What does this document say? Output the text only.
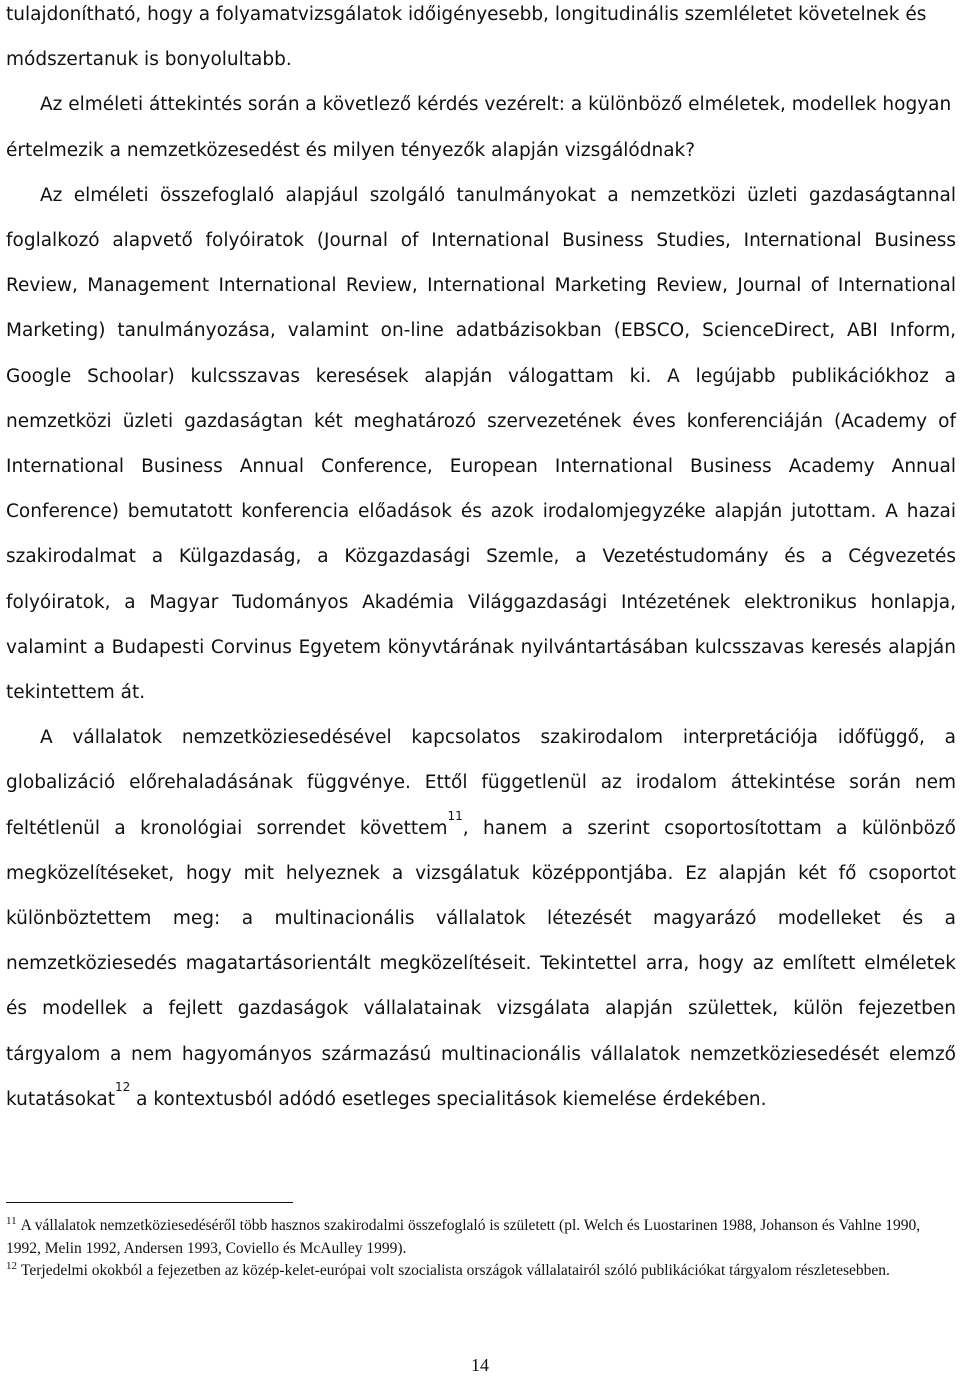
tulajdonítható, hogy a folyamatvizsgálatok időigényesebb, longitudinális szemléletet követelnek és módszertanuk is bonyolultabb.

Az elméleti áttekintés során a követlező kérdés vezérelt: a különböző elméletek, modellek hogyan értelmezik a nemzetközesedést és milyen tényezők alapján vizsgálódnak?

Az elméleti összefoglaló alapjául szolgáló tanulmányokat a nemzetközi üzleti gazdaságtannal foglalkozó alapvető folyóiratok (Journal of International Business Studies, International Business Review, Management International Review, International Marketing Review, Journal of International Marketing) tanulmányozása, valamint on-line adatbázisokban (EBSCO, ScienceDirect, ABI Inform, Google Schoolar) kulcsszavas keresések alapján válogattam ki. A legújabb publikációkhoz a nemzetközi üzleti gazdaságtan két meghatározó szervezetének éves konferenciáján (Academy of International Business Annual Conference, European International Business Academy Annual Conference) bemutatott konferencia előadások és azok irodalomjegyzéke alapján jutottam. A hazai szakirodalmat a Külgazdaság, a Közgazdasági Szemle, a Vezetéstudomány és a Cégvezetés folyóiratok, a Magyar Tudományos Akadémia Világgazdasági Intézetének elektronikus honlapja, valamint a Budapesti Corvinus Egyetem könyvtárának nyilvántartásában kulcsszavas keresés alapján tekintettem át.

A vállalatok nemzetköziesedésével kapcsolatos szakirodalom interpretációja időfüggő, a globalizáció előrehaladásának függvénye. Ettől függetlenül az irodalom áttekintése során nem feltétlenül a kronológiai sorrendet követtem$^{11}$, hanem a szerint csoportosítottam a különböző megközelítéseket, hogy mit helyeznek a vizsgálatuk középpontjába. Ez alapján két fő csoportot különböztettem meg: a multinacionális vállalatok létezését magyarázó modelleket és a nemzetköziesedés magatartásorientált megközelítéseit. Tekintettel arra, hogy az említett elméletek és modellek a fejlett gazdaságok vállalatainak vizsgálata alapján születtek, külön fejezetben tárgyalom a nem hagyományos származású multinacionális vállalatok nemzetköziesedését elemző kutatásokat$^{12}$ a kontextusból adódó esetleges specialitások kiemelése érdekében.

$^{11}$ A vállalatok nemzetköziesedéséről több hasznos szakirodalmi összefoglaló is született (pl. Welch és Luostarinen 1988, Johanson és Vahlne 1990, 1992, Melin 1992, Andersen 1993, Coviello és McAulley 1999).

$^{12}$ Terjedelmi okokból a fejezetben az közép-kelet-európai volt szocialista országok vállalatairól szóló publikációkat tárgyalom részletesebben.

14
